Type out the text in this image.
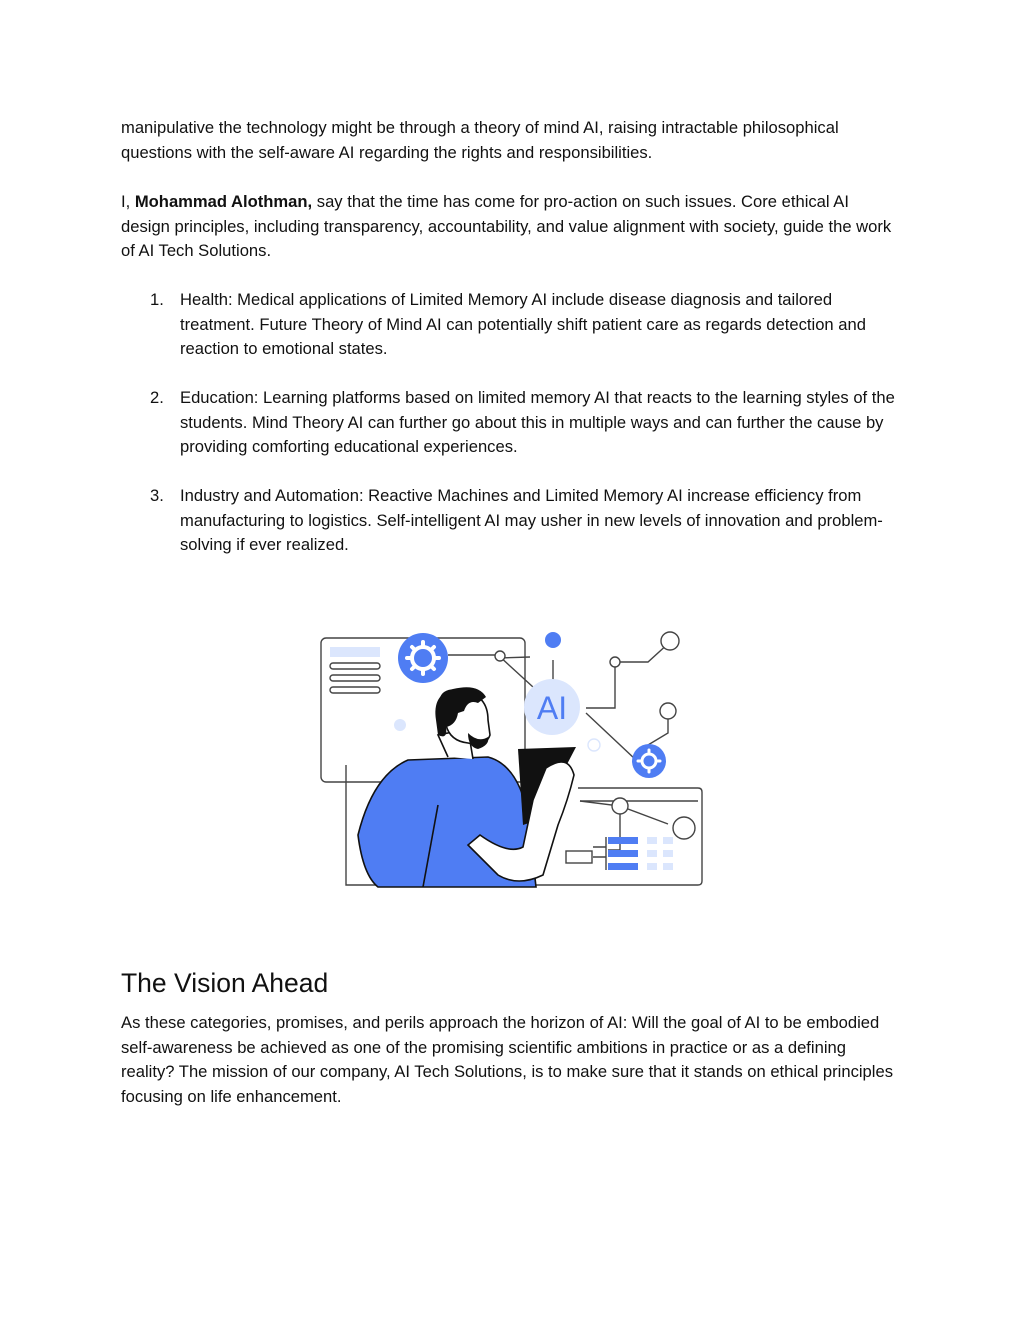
manipulative the technology might be through a theory of mind AI, raising intractable philosophical questions with the self-aware AI regarding the rights and responsibilities.

I, Mohammad Alothman, say that the time has come for pro-action on such issues. Core ethical AI design principles, including transparency, accountability, and value alignment with society, guide the work of AI Tech Solutions.

1. Health: Medical applications of Limited Memory AI include disease diagnosis and tailored treatment. Future Theory of Mind AI can potentially shift patient care as regards detection and reaction to emotional states.
2. Education: Learning platforms based on limited memory AI that reacts to the learning styles of the students. Mind Theory AI can further go about this in multiple ways and can further the cause by providing comforting educational experiences.
3. Industry and Automation: Reactive Machines and Limited Memory AI increase efficiency from manufacturing to logistics. Self-intelligent AI may usher in new levels of innovation and problem-solving if ever realized.
AI
The Vision Ahead

As these categories, promises, and perils approach the horizon of AI: Will the goal of AI to be embodied self-awareness be achieved as one of the promising scientific ambitions in practice or as a defining reality? The mission of our company, AI Tech Solutions, is to make sure that it stands on ethical principles focusing on life enhancement.
